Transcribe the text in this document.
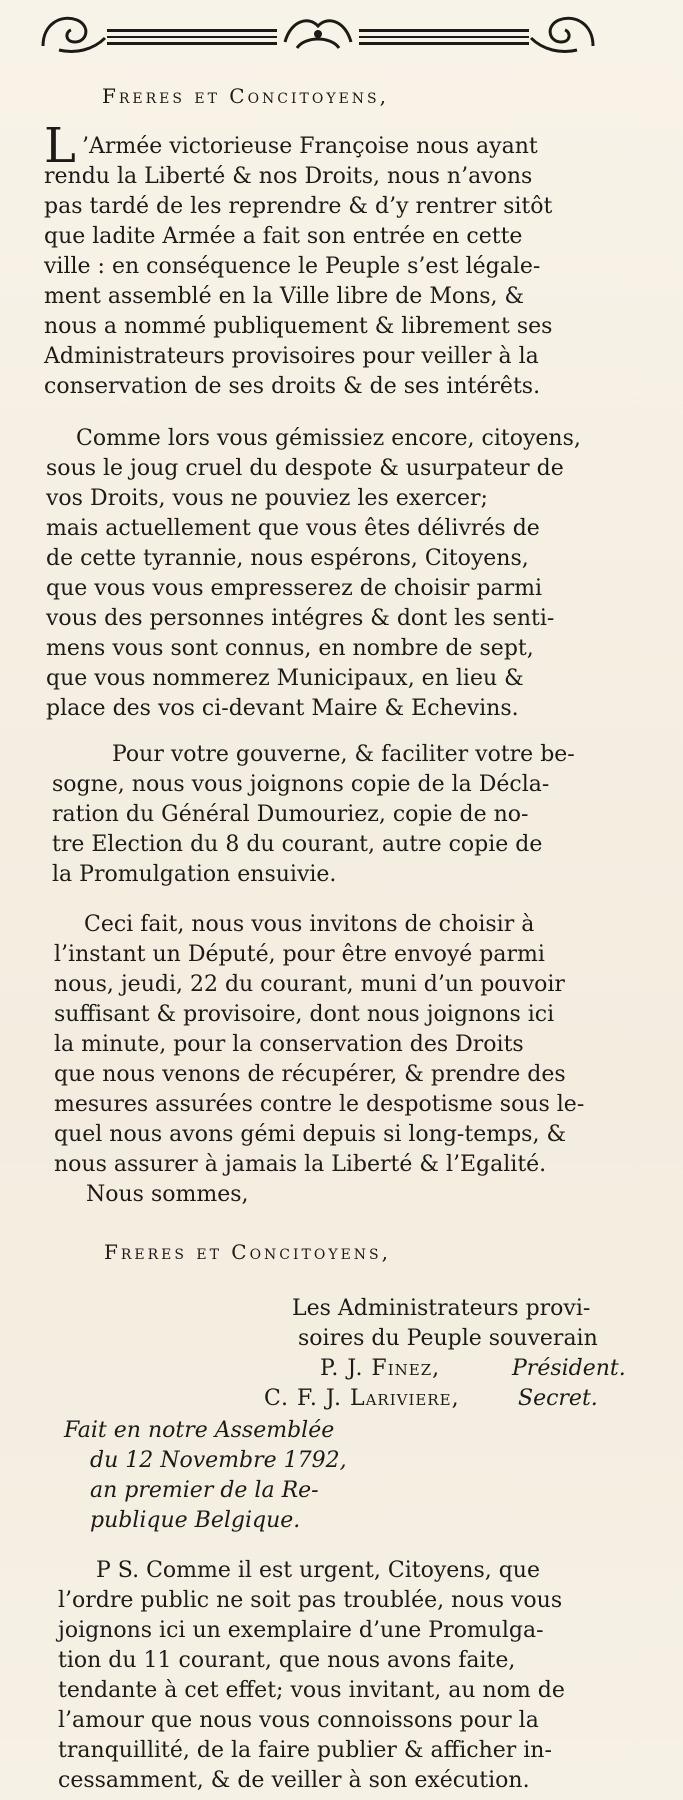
Freres et Concitoyens,
L ’Armée victorieuse Françoise nous ayant
rendu la Liberté & nos Droits, nous n’avons
pas tardé de les reprendre & d’y rentrer sitôt
que ladite Armée a fait son entrée en cette
ville : en conséquence le Peuple s’est légale-
ment assemblé en la Ville libre de Mons, &
nous a nommé publiquement & librement ses
Administrateurs provisoires pour veiller à la
conservation de ses droits & de ses intérêts.
Comme lors vous gémissiez encore, citoyens,
sous le joug cruel du despote & usurpateur de
vos Droits, vous ne pouviez les exercer;
mais actuellement que vous êtes délivrés de
de cette tyrannie, nous espérons, Citoyens,
que vous vous empresserez de choisir parmi
vous des personnes intégres & dont les senti-
mens vous sont connus, en nombre de sept,
que vous nommerez Municipaux, en lieu &
place des vos ci-devant Maire & Echevins.
Pour votre gouverne, & faciliter votre be-
sogne, nous vous joignons copie de la Décla-
ration du Général Dumouriez, copie de no-
tre Election du 8 du courant, autre copie de
la Promulgation ensuivie.
Ceci fait, nous vous invitons de choisir à
l’instant un Député, pour être envoyé parmi
nous, jeudi, 22 du courant, muni d’un pouvoir
suffisant & provisoire, dont nous joignons ici
la minute, pour la conservation des Droits
que nous venons de récupérer, & prendre des
mesures assurées contre le despotisme sous le-
quel nous avons gémi depuis si long-temps, &
nous assurer à jamais la Liberté & l’Egalité.
Nous sommes,
Freres et Concitoyens,
Les Administrateurs provi-
soires du Peuple souverain
P. J. Finez,	Président.
C. F. J. Lariviere,	Secret.
Fait en notre Assemblée
du 12 Novembre 1792,
an premier de la Re-
publique Belgique.
P S. Comme il est urgent, Citoyens, que
l’ordre public ne soit pas troublée, nous vous
joignons ici un exemplaire d’une Promulga-
tion du 11 courant, que nous avons faite,
tendante à cet effet; vous invitant, au nom de
l’amour que nous vous connoissons pour la
tranquillité, de la faire publier & afficher in-
cessamment, & de veiller à son exécution.
